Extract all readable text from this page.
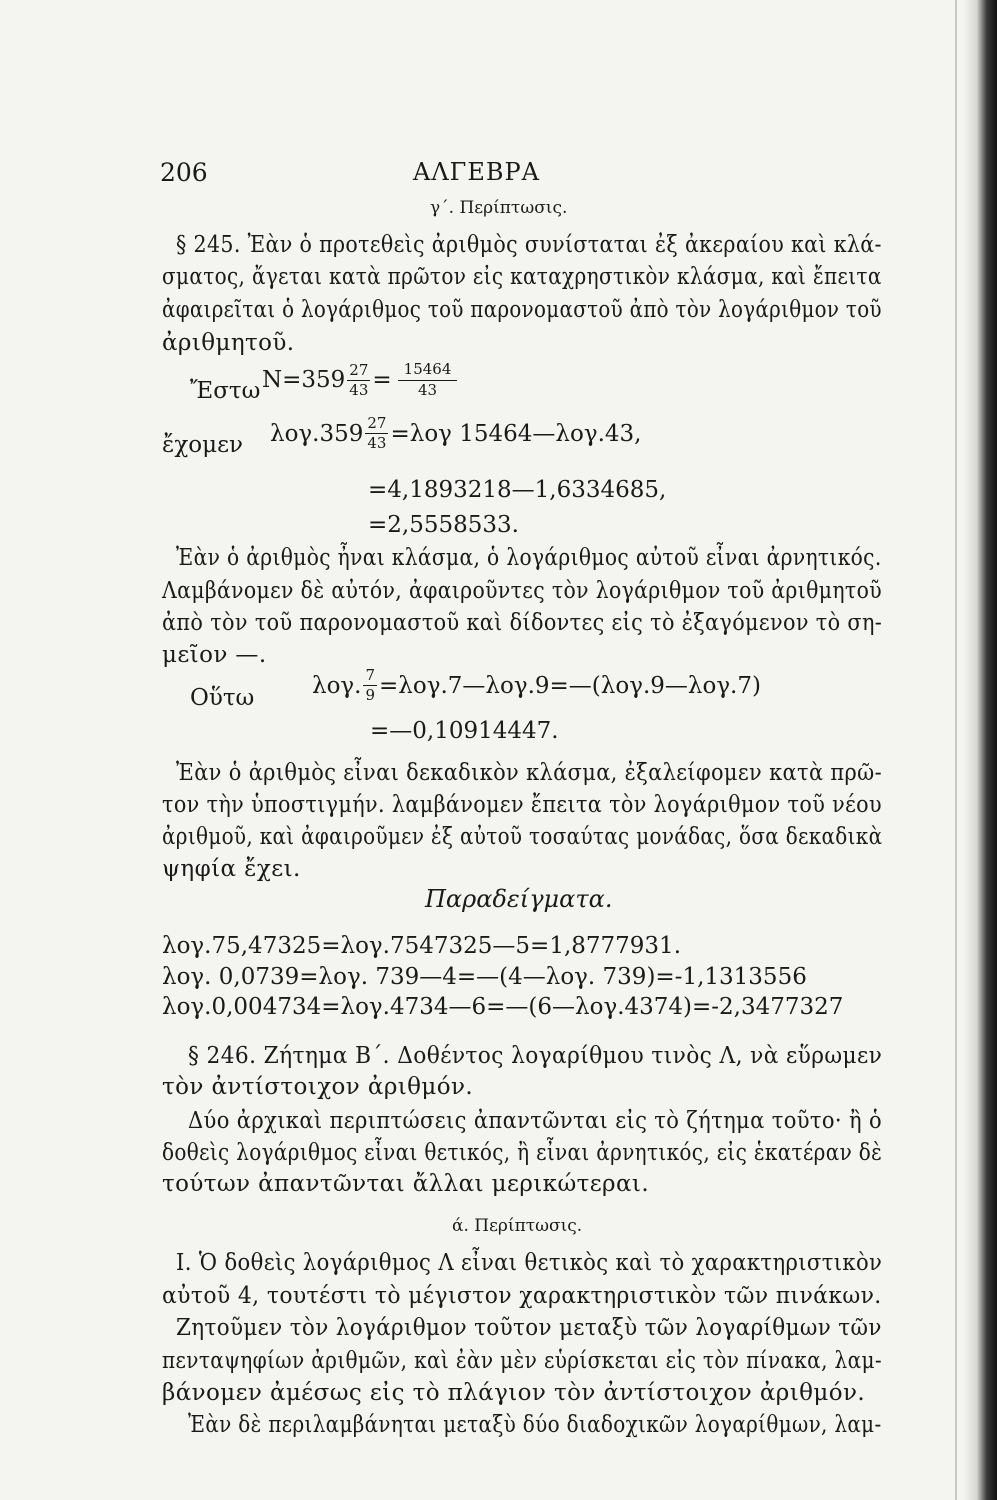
206	ΑΛΓΕΒΡΑ
γ΄. Περίπτωσις.
§ 245. Ἐὰν ὁ προτεθεὶς ἀριθμὸς συνίσταται ἐξ ἀκεραίου καὶ κλά-
σματος, ἄγεται κατὰ πρῶτον εἰς καταχρηστικὸν κλάσμα, καὶ ἔπειτα
ἀφαιρεῖται ὁ λογάριθμος τοῦ παρονομαστοῦ ἀπὸ τὸν λογάριθμον τοῦ
ἀριθμητοῦ.
Ἔστω $N=359 \frac{27}{43} = \frac{15464}{43}$
ἔχομεν $\lambda o\gamma.359 \frac{27}{43} =\lambda o\gamma$ 15464—λογ.43,
=4,1893218—1,6334685,
=2,5558533.
Ἐὰν ὁ ἀριθμὸς ἦναι κλάσμα, ὁ λογάριθμος αὐτοῦ εἶναι ἀρνητικός.
Λαμβάνομεν δὲ αὐτόν, ἀφαιροῦντες τὸν λογάριθμον τοῦ ἀριθμητοῦ
ἀπὸ τὸν τοῦ παρονομαστοῦ καὶ δίδοντες εἰς τὸ ἐξαγόμενον τὸ ση-
μεῖον —.
Οὕτω	λογ. $\frac{7}{9}$ =λογ.7—λογ.9=—(λογ.9—λογ.7)
=—0,10914447.
Ἐὰν ὁ ἀριθμὸς εἶναι δεκαδικὸν κλάσμα, ἐξαλείφομεν κατὰ πρῶ-
τον τὴν ὑποστιγμήν. λαμβάνομεν ἔπειτα τὸν λογάριθμον τοῦ νέου
ἀριθμοῦ, καὶ ἀφαιροῦμεν ἐξ αὐτοῦ τοσαύτας μονάδας, ὅσα δεκαδικὰ
ψηφία ἔχει.
Παραδείγματα.
λογ.75,47325=λογ.7547325—5=1,8777931.
λογ. 0,0739=λογ. 739—4=—(4—λογ. 739)=-1,1313556
λογ.0,004734=λογ.4734—6=—(6—λογ.4374)=-2,3477327
§ 246. Ζήτημα Β΄. Δοθέντος λογαρίθμου τινὸς Λ, νὰ εὕρωμεν
τὸν ἀντίστοιχον ἀριθμόν.
Δύο ἀρχικαὶ περιπτώσεις ἀπαντῶνται εἰς τὸ ζήτημα τοῦτο· ἢ ὁ
δοθεὶς λογάριθμος εἶναι θετικός, ἢ εἶναι ἀρνητικός, εἰς ἑκατέραν δὲ
τούτων ἀπαντῶνται ἄλλαι μερικώτεραι.
ά. Περίπτωσις.
I. Ὁ δοθεὶς λογάριθμος Λ εἶναι θετικὸς καὶ τὸ χαρακτηριστικὸν
αὐτοῦ 4, τουτέστι τὸ μέγιστον χαρακτηριστικὸν τῶν πινάκων.
Ζητοῦμεν τὸν λογάριθμον τοῦτον μεταξὺ τῶν λογαρίθμων τῶν
πενταψηφίων ἀριθμῶν, καὶ ἐὰν μὲν εὑρίσκεται εἰς τὸν πίνακα, λαμ-
βάνομεν ἀμέσως εἰς τὸ πλάγιον τὸν ἀντίστοιχον ἀριθμόν.
Ἐὰν δὲ περιλαμβάνηται μεταξὺ δύο διαδοχικῶν λογαρίθμων, λαμ-
